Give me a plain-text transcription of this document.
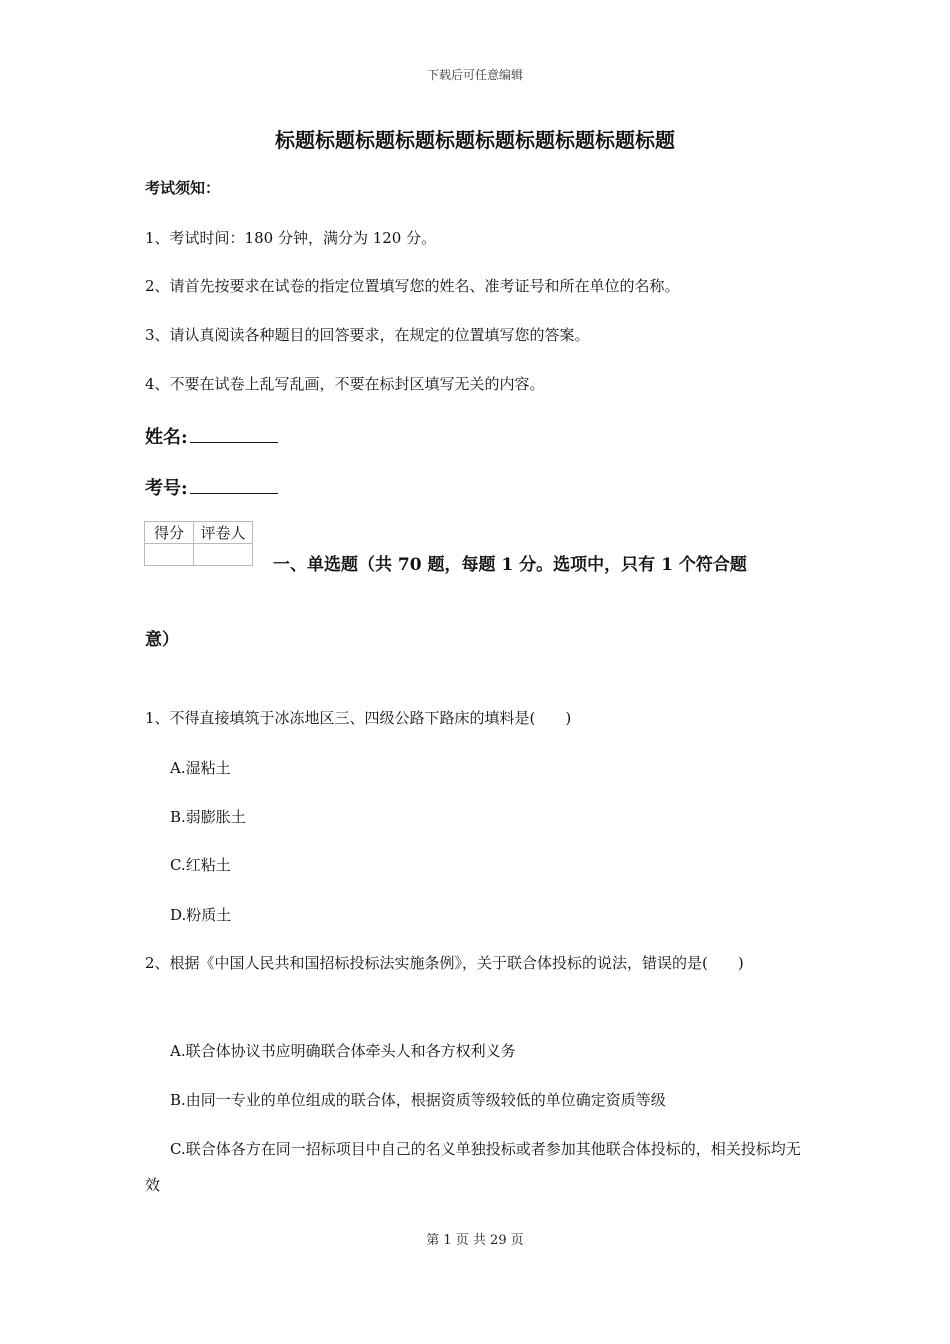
下载后可任意编辑
标题标题标题标题标题标题标题标题标题标题
考试须知：
1、考试时间：180 分钟，满分为 120 分。
2、请首先按要求在试卷的指定位置填写您的姓名、准考证号和所在单位的名称。
3、请认真阅读各种题目的回答要求，在规定的位置填写您的答案。
4、不要在试卷上乱写乱画，不要在标封区填写无关的内容。
姓名:
考号:
得分	评卷人

一、单选题（共 70 题，每题 1 分。选项中，只有 1 个符合题
意）
1、不得直接填筑于冰冻地区三、四级公路下路床的填料是(　　)
A.湿粘土
B.弱膨胀土
C.红粘土
D.粉质土
2、根据《中国人民共和国招标投标法实施条例》，关于联合体投标的说法，错误的是(　　)
A.联合体协议书应明确联合体牵头人和各方权利义务
B.由同一专业的单位组成的联合体，根据资质等级较低的单位确定资质等级
C.联合体各方在同一招标项目中自己的名义单独投标或者参加其他联合体投标的，相关投标均无效
第 1 页 共 29 页
